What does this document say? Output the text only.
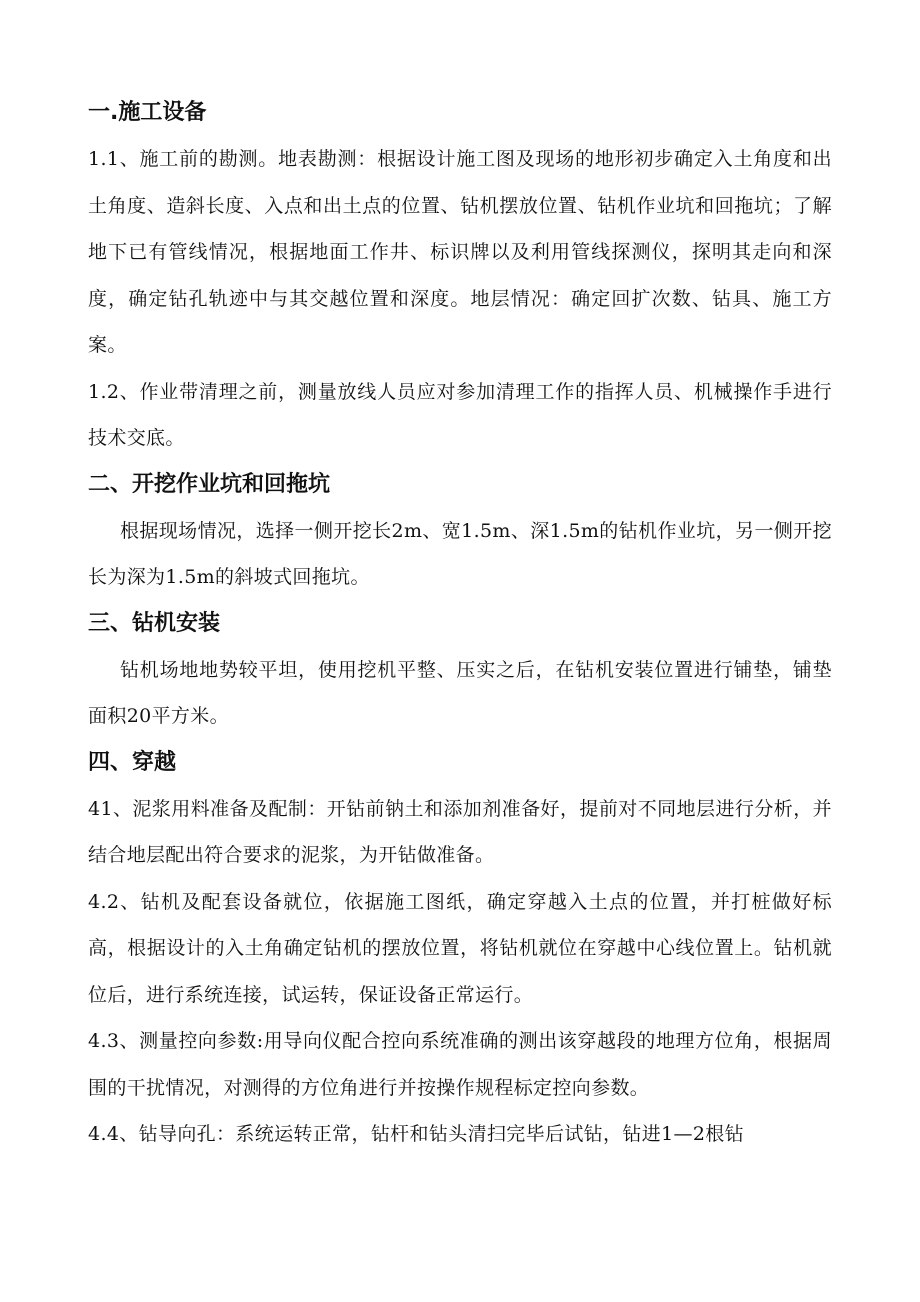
一.施工设备

1.1、施工前的勘测。地表勘测：根据设计施工图及现场的地形初步确定入土角度和出土角度、造斜长度、入点和出土点的位置、钻机摆放位置、钻机作业坑和回拖坑；了解地下已有管线情况，根据地面工作井、标识牌以及利用管线探测仪，探明其走向和深度，确定钻孔轨迹中与其交越位置和深度。地层情况：确定回扩次数、钻具、施工方案。

1.2、作业带清理之前，测量放线人员应对参加清理工作的指挥人员、机械操作手进行技术交底。

二、开挖作业坑和回拖坑

根据现场情况，选择一侧开挖长2m、宽1.5m、深1.5m的钻机作业坑，另一侧开挖长为深为1.5m的斜坡式回拖坑。

三、钻机安装

钻机场地地势较平坦，使用挖机平整、压实之后，在钻机安装位置进行铺垫，铺垫面积20平方米。

四、穿越

41、泥浆用料准备及配制：开钻前钠土和添加剂准备好，提前对不同地层进行分析，并结合地层配出符合要求的泥浆，为开钻做准备。

4.2、钻机及配套设备就位，依据施工图纸，确定穿越入土点的位置，并打桩做好标高，根据设计的入土角确定钻机的摆放位置，将钻机就位在穿越中心线位置上。钻机就位后，进行系统连接，试运转，保证设备正常运行。

4.3、测量控向参数:用导向仪配合控向系统准确的测出该穿越段的地理方位角，根据周围的干扰情况，对测得的方位角进行并按操作规程标定控向参数。

4.4、钻导向孔：系统运转正常，钻杆和钻头清扫完毕后试钻，钻进1—2根钻
